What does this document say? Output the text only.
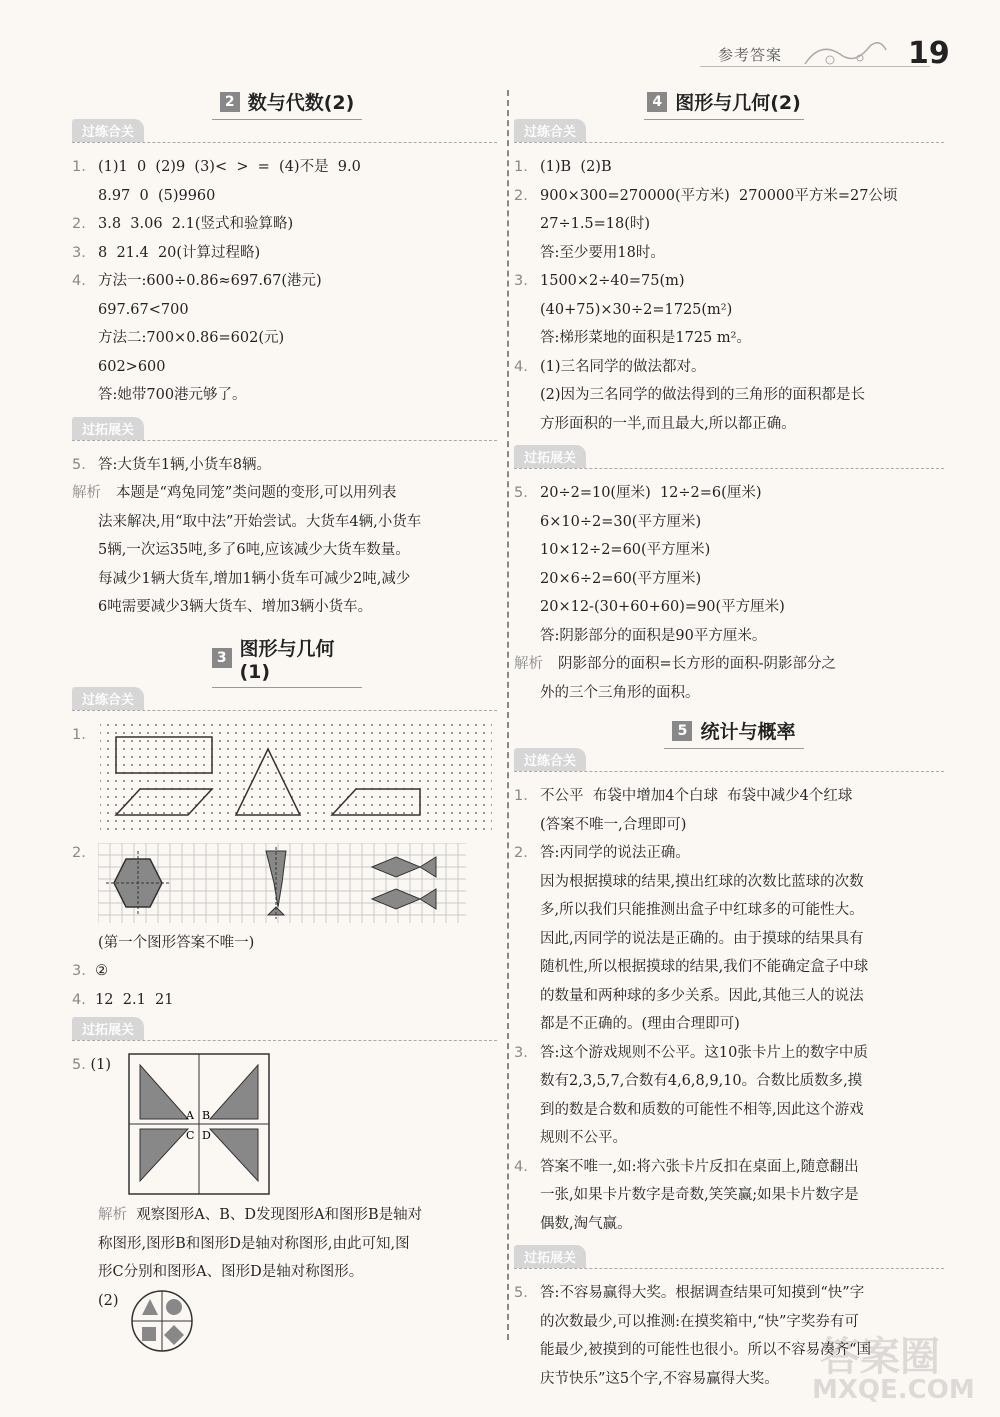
参考答案	19
2 数与代数(2)
过练合关
1. (1)1  0  (2)9  (3)<  >  =  (4)不是  9.0
8.97  0  (5)9960
2. 3.8  3.06  2.1(竖式和验算略)
3. 8  21.4  20(计算过程略)
4. 方法一:600÷0.86≈697.67(港元)
697.67<700
方法二:700×0.86=602(元)
602>600
答:她带700港元够了。
过拓展关
5. 答:大货车1辆,小货车8辆。
解析 本题是“鸡兔同笼”类问题的变形,可以用列表
法来解决,用“取中法”开始尝试。大货车4辆,小货车
5辆,一次运35吨,多了6吨,应该减少大货车数量。
每减少1辆大货车,增加1辆小货车可减少2吨,减少
6吨需要减少3辆大货车、增加3辆小货车。
3 图形与几何(1)
过练合关
1.
2.
(第一个图形答案不唯一)
3. ②
4. 12  2.1  21
过拓展关
5. (1)
A B
C D
解析 观察图形A、B、D发现图形A和图形B是轴对
称图形,图形B和图形D是轴对称图形,由此可知,图
形C分别和图形A、图形D是轴对称图形。
(2)
4 图形与几何(2)
过练合关
1. (1)B  (2)B
2. 900×300=270000(平方米)  270000平方米=27公顷
27÷1.5=18(时)
答:至少要用18时。
3. 1500×2÷40=75(m)
(40+75)×30÷2=1725(m²)
答:梯形菜地的面积是1725 m²。
4. (1)三名同学的做法都对。
(2)因为三名同学的做法得到的三角形的面积都是长
方形面积的一半,而且最大,所以都正确。
过拓展关
5. 20÷2=10(厘米)  12÷2=6(厘米)
6×10÷2=30(平方厘米)
10×12÷2=60(平方厘米)
20×6÷2=60(平方厘米)
20×12-(30+60+60)=90(平方厘米)
答:阴影部分的面积是90平方厘米。
解析 阴影部分的面积=长方形的面积-阴影部分之
外的三个三角形的面积。
5 统计与概率
过练合关
1. 不公平  布袋中增加4个白球  布袋中减少4个红球
(答案不唯一,合理即可)
2. 答:丙同学的说法正确。
因为根据摸球的结果,摸出红球的次数比蓝球的次数
多,所以我们只能推测出盒子中红球多的可能性大。
因此,丙同学的说法是正确的。由于摸球的结果具有
随机性,所以根据摸球的结果,我们不能确定盒子中球
的数量和两种球的多少关系。因此,其他三人的说法
都是不正确的。(理由合理即可)
3. 答:这个游戏规则不公平。这10张卡片上的数字中质
数有2,3,5,7,合数有4,6,8,9,10。合数比质数多,摸
到的数是合数和质数的可能性不相等,因此这个游戏
规则不公平。
4. 答案不唯一,如:将六张卡片反扣在桌面上,随意翻出
一张,如果卡片数字是奇数,笑笑赢;如果卡片数字是
偶数,淘气赢。
过拓展关
5. 答:不容易赢得大奖。根据调查结果可知摸到“快”字
的次数最少,可以推测:在摸奖箱中,“快”字奖券有可
能最少,被摸到的可能性也很小。所以不容易凑齐“国
庆节快乐”这5个字,不容易赢得大奖。	答案圈
MXQE.COM
